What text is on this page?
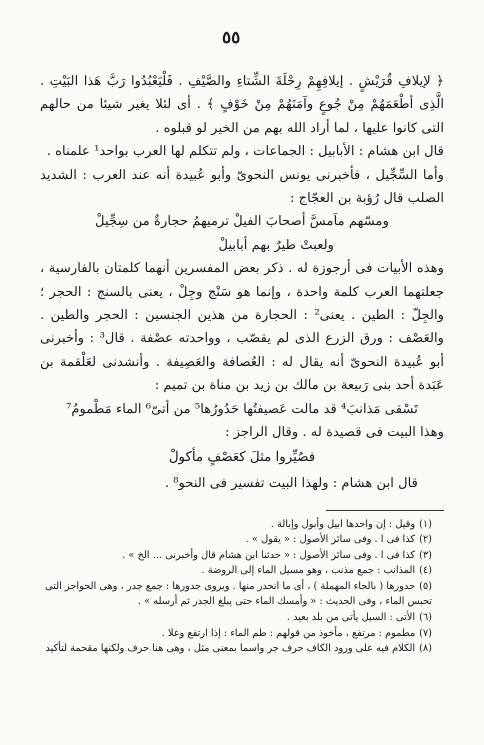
٥٥

﴿ لإيلافِ قُرَيْشٍ . إيلافِهِمْ رِحْلَةَ الشِّتاءِ والصَّيْفِ . فَلْيَعْبُدُوا رَبَّ هَذا البَيْتِ . الَّذِى أطْعَمَهُمْ مِنْ جُوعٍ وآمَنَهُمْ مِنْ خَوْفٍ ﴾ . أى لئلا يغير شيئا من حالهم التى كانوا عليها ، لما أراد الله بهم من الخير لو قبلوه .

قال ابن هشام : الأبابيل : الجماعات ، ولم تتكلم لها العرب بواحد¹ علمناه .

وأما السِّجِّيل ، فأخبرنى يونس النحوىّ وأبو عُبيدة أنه عند العرب : الشديد الصلب قال رُؤبة بن العجّاج :

ومسّهم ماَمسَّ أصحابَ الفيلْ ترميهمُ حجارةٌ من سِجِّيلْ

ولعبتْ طيرٌ بهم أبابيلْ

وهذه الأبيات فى أرجوزة له . ذكر بعض المفسرين أنهما كلمتان بالفارسية ، جعلتهما العرب كلمة واحدة ، وإنما هو سَنْج وجِلْ ، يعنى بالسنج : الحجر ؛ والجِلّ : الطين . يعنى² : الحجارة من هذين الجنسين : الحجر والطين . والعَصْف : ورق الزرع الذى لم يقصّب ، وواحدته عصْفة . قال³ : وأخبرنى أبو عُبيدة النحوىّ أنه يقال له : العُصافة والعَصِيفة . وأنشدنى لعَلْقمة بن عَبَدة أحد بنى رَبيعة بن مالك بن زيد بن مناة بن تميم :

تَسْقى مَذانبَ⁴ قد مالت عَصيفتُها حَدُورُها⁵ من أتىّ⁶ الماء مَطْمومُ⁷

وهذا البيت فى قصيدة له . وقال الراجز :

فصُيِّروا مثلَ كعَصْفٍ مأكولْ

قال ابن هشام : ولهذا البيت تفسير فى النحو⁸ .

(١)وقيل : إن واحدها ابيل وأبول وإبالة .
(٢)كذا فى ا . وفى سائر الأصول : « يقول » .
(٣)كذا فى ا . وفى سائر الأصول : « حدثنا ابن هشام قال وأخبرنى ... الخ » .
(٤)المذانب : جمع مذنب ، وهو مسيل الماء إلى الروضة .
(٥)حدورها ( بالحاء المهملة ) ، أى ما انحدر منها . ويروى جدورها : جمع جدر ، وهى الحواجز التى تحبس الماء ، وفى الحديث : « وأمسك الماء حتى يبلغ الجدر ثم أرسله » .
(٦)الأتى : السيل يأتى من بلد بعيد .
(٧)مطموم : مرتفع ، مأخوذ من قولهم : طم الماء : إذا ارتفع وعلا .
(٨)الكلام فيه على ورود الكاف حرف جر واسما بمعنى مثل ، وهى هنا حرف ولكنها مقحمة لتأكيد
